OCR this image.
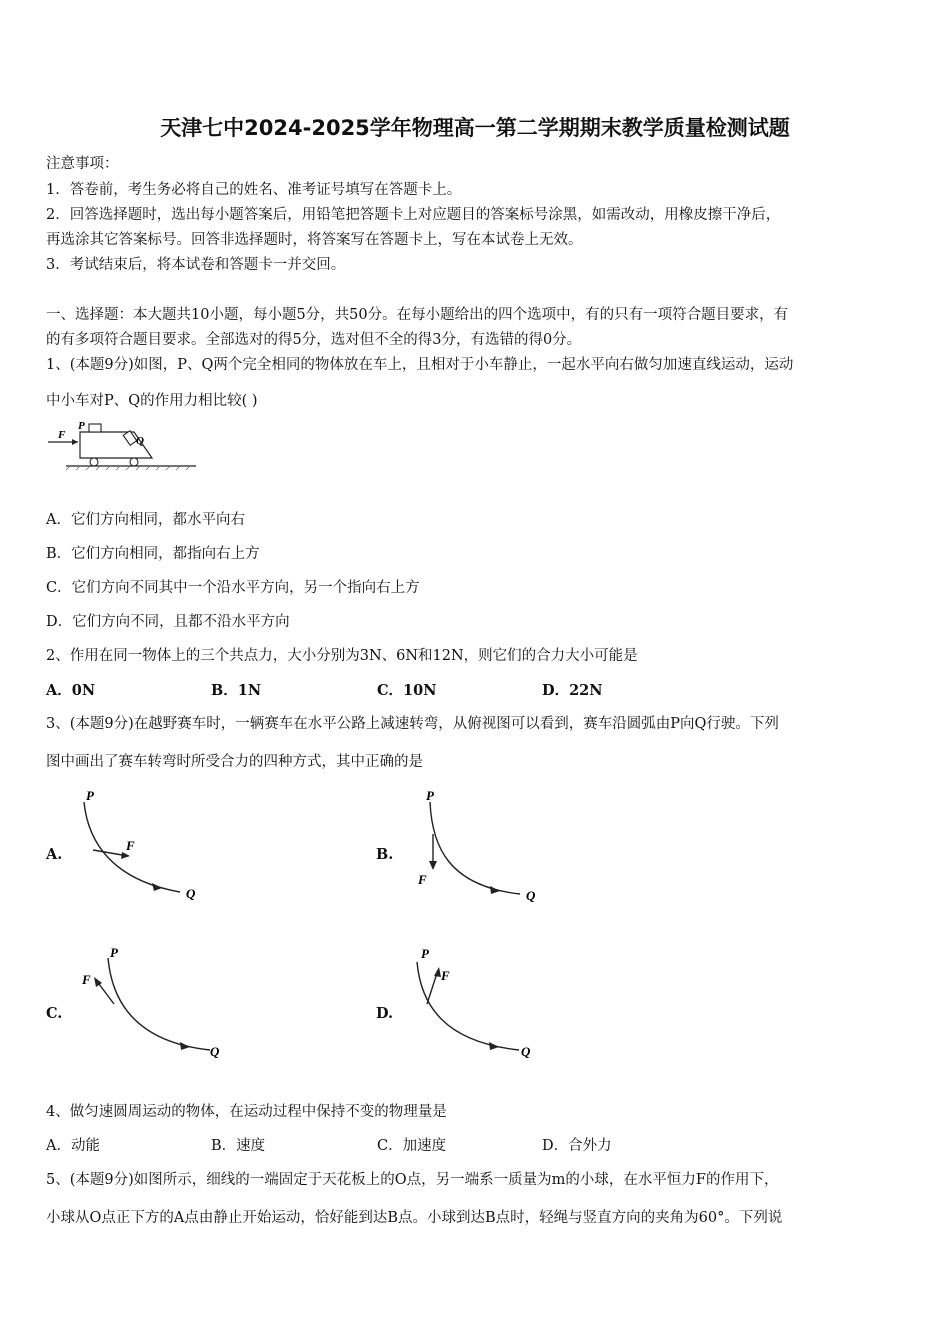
天津七中2024-2025学年物理高一第二学期期末教学质量检测试题
注意事项：
1．答卷前，考生务必将自己的姓名、准考证号填写在答题卡上。
2．回答选择题时，选出每小题答案后，用铅笔把答题卡上对应题目的答案标号涂黑，如需改动，用橡皮擦干净后，
再选涂其它答案标号。回答非选择题时，将答案写在答题卡上，写在本试卷上无效。
3．考试结束后，将本试卷和答题卡一并交回。
一、选择题：本大题共10小题，每小题5分，共50分。在每小题给出的四个选项中，有的只有一项符合题目要求，有
的有多项符合题目要求。全部选对的得5分，选对但不全的得3分，有选错的得0分。
1、(本题9分)如图，P、Q两个完全相同的物体放在车上，且相对于小车静止，一起水平向右做匀加速直线运动，运动
中小车对P、Q的作用力相比较( )
F
P
Q
A．它们方向相同，都水平向右
B．它们方向相同，都指向右上方
C．它们方向不同其中一个沿水平方向，另一个指向右上方
D．它们方向不同，且都不沿水平方向
2、作用在同一物体上的三个共点力，大小分别为3N、6N和12N，则它们的合力大小可能是
A．0N	B．1N	C．10N	D．22N
3、(本题9分)在越野赛车时，一辆赛车在水平公路上减速转弯，从俯视图可以看到，赛车沿圆弧由P向Q行驶。下列
图中画出了赛车转弯时所受合力的四种方式，其中正确的是
A.
P
Q
F
B.
P
Q
F
C.
P
Q
F
D.
P
Q
F
4、做匀速圆周运动的物体，在运动过程中保持不变的物理量是
A．动能	B．速度	C．加速度	D．合外力
5、(本题9分)如图所示，细线的一端固定于天花板上的O点，另一端系一质量为m的小球，在水平恒力F的作用下，
小球从O点正下方的A点由静止开始运动，恰好能到达B点。小球到达B点时，轻绳与竖直方向的夹角为60°。下列说
